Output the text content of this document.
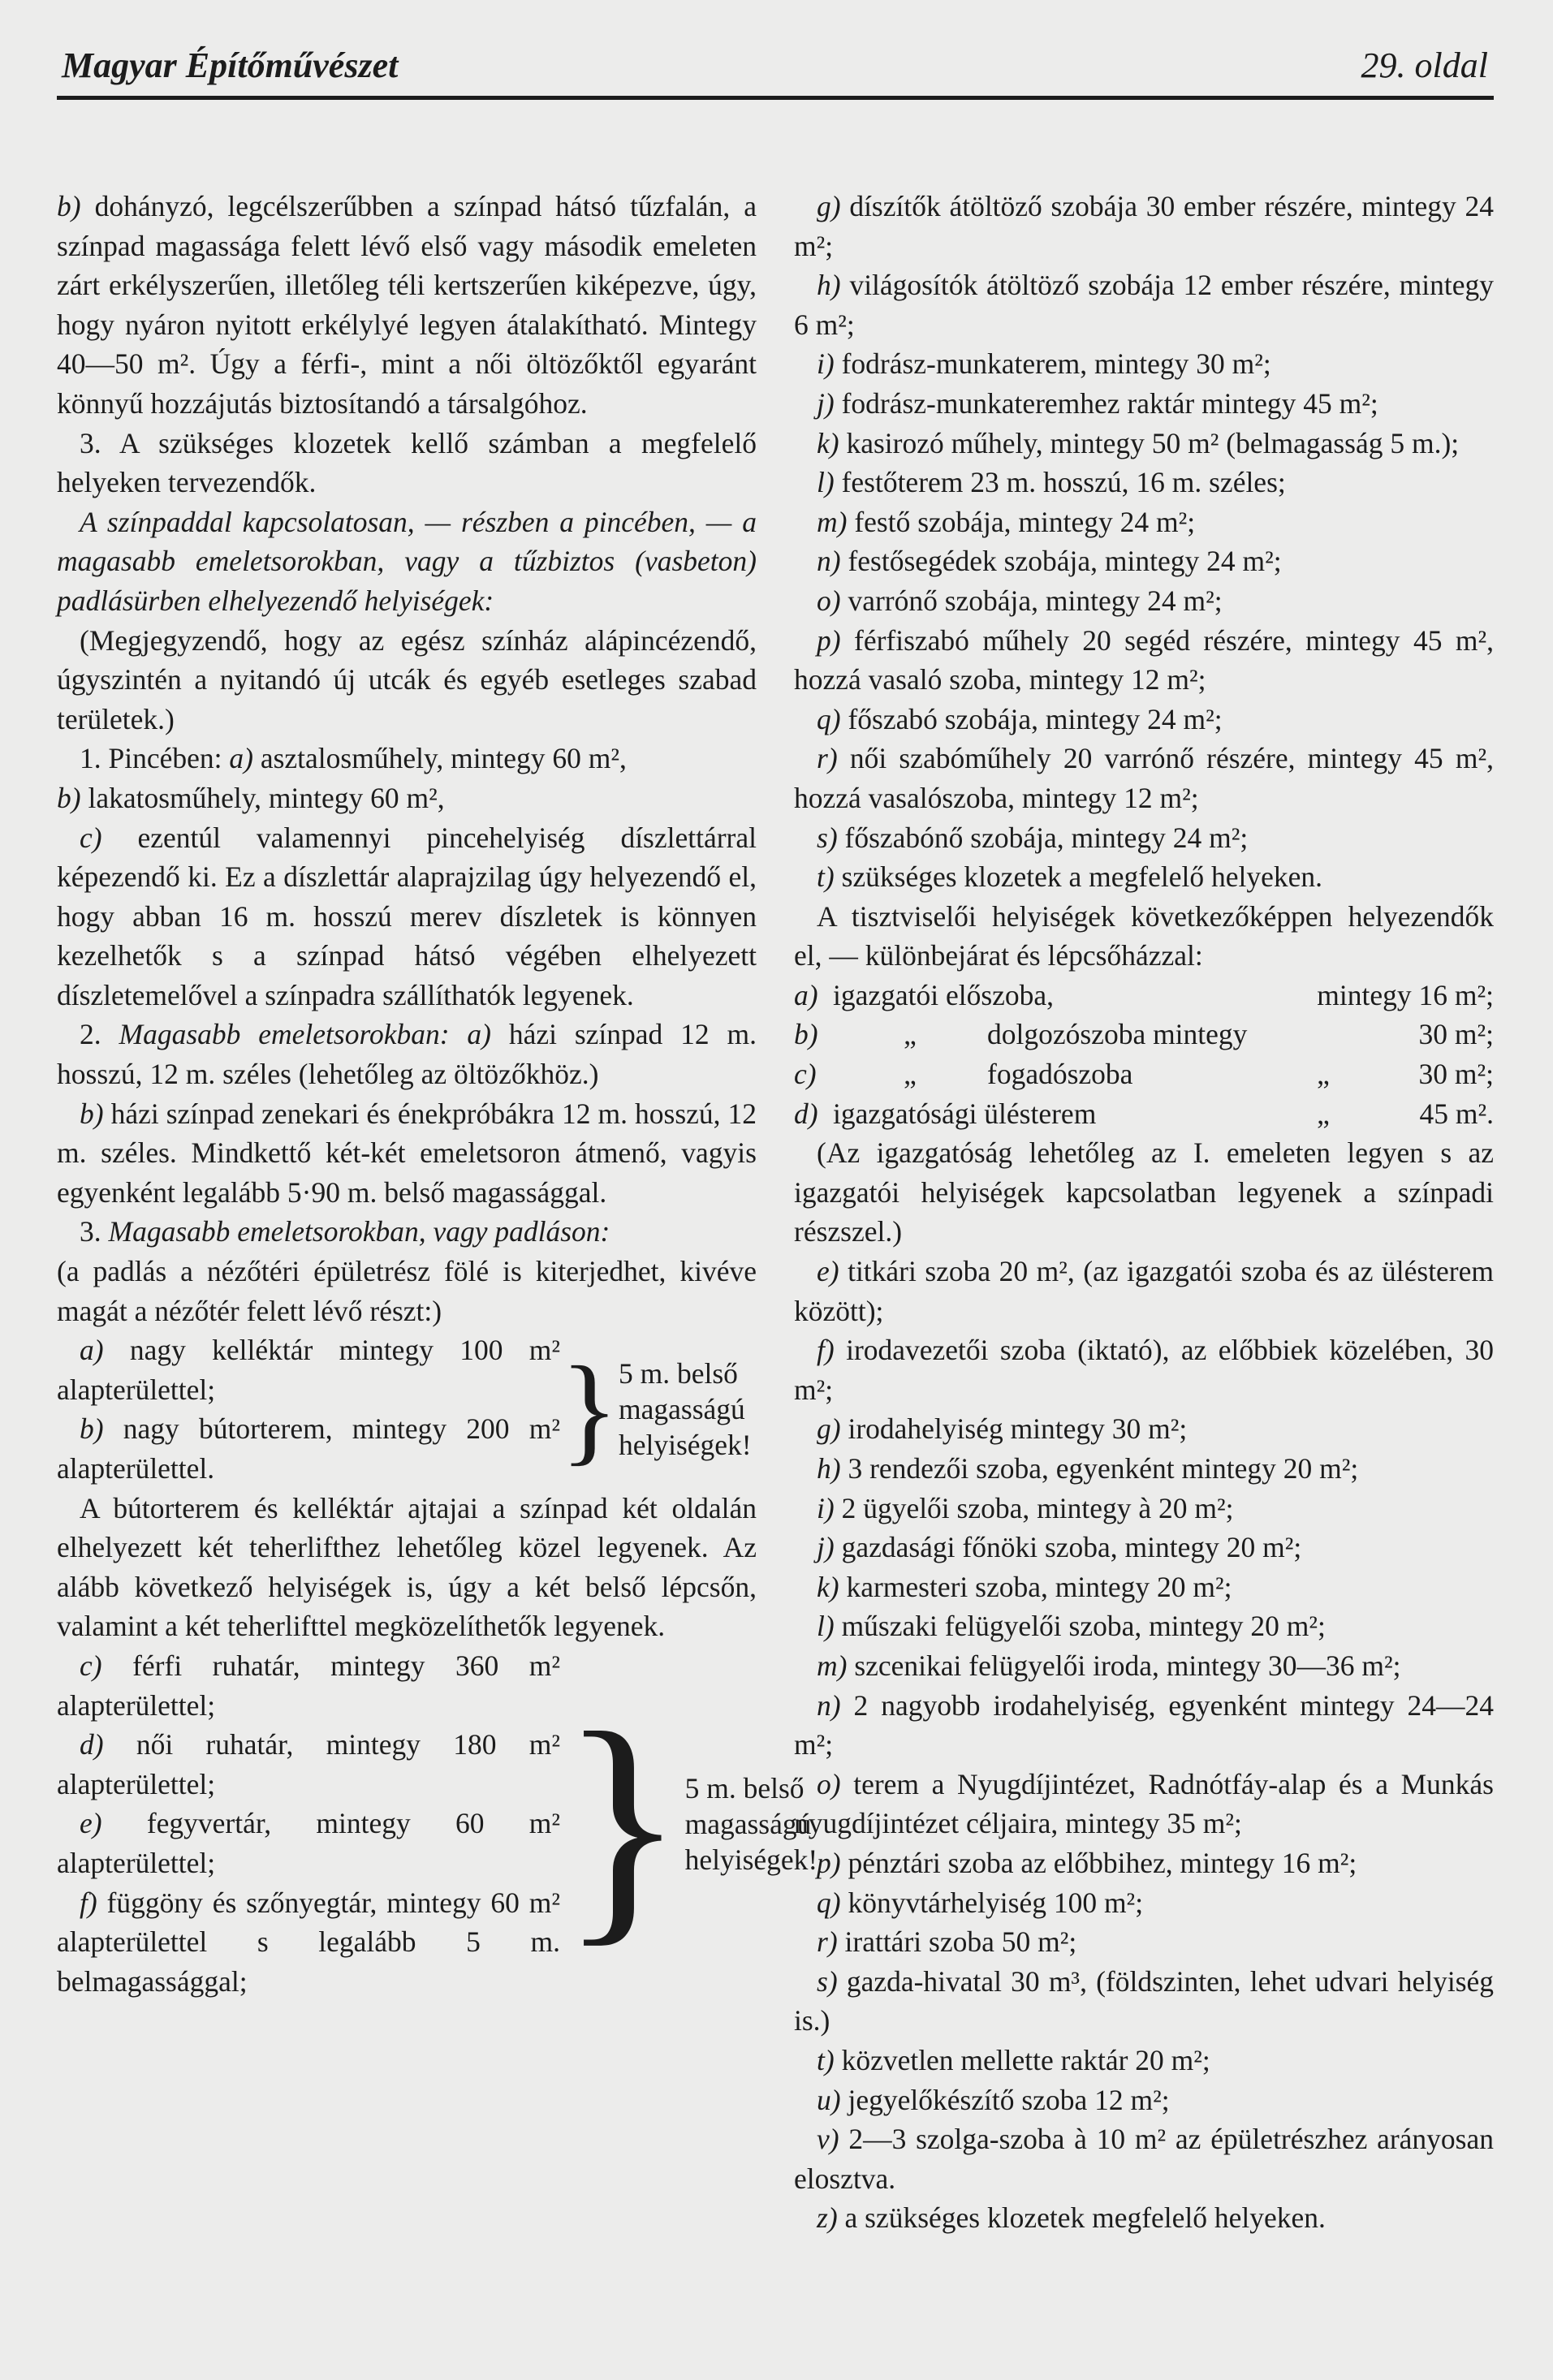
Magyar Építőművészet	29. oldal

b) dohányzó, legcélszerűbben a színpad hátsó tűzfalán, a színpad magassága felett lévő első vagy második emeleten zárt erkélyszerűen, illetőleg téli kertszerűen kiképezve, úgy, hogy nyáron nyitott erkélylyé legyen átalakítható. Mintegy 40—50 m². Úgy a férfi-, mint a női öltözőktől egyaránt könnyű hozzájutás biztosítandó a társalgóhoz.

3. A szükséges klozetek kellő számban a megfelelő helyeken tervezendők.

A színpaddal kapcsolatosan, — részben a pincében, — a magasabb emeletsorokban, vagy a tűzbiztos (vasbeton) padlásürben elhelyezendő helyiségek:

(Megjegyzendő, hogy az egész színház alápincézendő, úgyszintén a nyitandó új utcák és egyéb esetleges szabad területek.)

1. Pincében: a) asztalosműhely, mintegy 60 m²,

b) lakatosműhely, mintegy 60 m²,

c) ezentúl valamennyi pincehelyiség díszlettárral képezendő ki. Ez a díszlettár alaprajzilag úgy helyezendő el, hogy abban 16 m. hosszú merev díszletek is könnyen kezelhetők s a színpad hátsó végében elhelyezett díszletemelővel a színpadra szállíthatók legyenek.

2. Magasabb emeletsorokban: a) házi színpad 12 m. hosszú, 12 m. széles (lehetőleg az öltözőkhöz.)

b) házi színpad zenekari és énekpróbákra 12 m. hosszú, 12 m. széles. Mindkettő két-két emeletsoron átmenő, vagyis egyenként legalább 5·90 m. belső magassággal.

3. Magasabb emeletsorokban, vagy padláson:

(a padlás a nézőtéri épületrész fölé is kiterjedhet, kivéve magát a nézőtér felett lévő részt:)

a) nagy kelléktár mintegy 100 m² alapterülettel;

b) nagy bútorterem, mintegy 200 m² alapterülettel.	} 5 m. belső magasságú helyiségek!

A bútorterem és kelléktár ajtajai a színpad két oldalán elhelyezett két teherlifthez lehetőleg közel legyenek. Az alább következő helyiségek is, úgy a két belső lépcsőn, valamint a két teherlifttel megközelíthetők legyenek.

c) férfi ruhatár, mintegy 360 m² alapterülettel;

d) női ruhatár, mintegy 180 m² alapterülettel;

e) fegyvertár, mintegy 60 m² alapterülettel;

f) függöny és szőnyegtár, mintegy 60 m² alapterülettel s legalább 5 m. belmagassággal;

} 5 m. belső magasságú helyiségek!

g) díszítők átöltöző szobája 30 ember részére, mintegy 24 m²;

h) világosítók átöltöző szobája 12 ember részére, mintegy 6 m²;

i) fodrász-munkaterem, mintegy 30 m²;

j) fodrász-munkateremhez raktár mintegy 45 m²;

k) kasirozó műhely, mintegy 50 m² (belmagasság 5 m.);

l) festőterem 23 m. hosszú, 16 m. széles;

m) festő szobája, mintegy 24 m²;

n) festősegédek szobája, mintegy 24 m²;

o) varrónő szobája, mintegy 24 m²;

p) férfiszabó műhely 20 segéd részére, mintegy 45 m², hozzá vasaló szoba, mintegy 12 m²;

q) főszabó szobája, mintegy 24 m²;

r) női szabóműhely 20 varrónő részére, mintegy 45 m², hozzá vasalószoba, mintegy 12 m²;

s) főszabónő szobája, mintegy 24 m²;

t) szükséges klozetek a megfelelő helyeken.

A tisztviselői helyiségek következőképpen helyezendők el, — különbejárat és lépcsőházzal:

a) igazgatói előszoba,	mintegy 16 m²;
b)	„	dolgozószoba mintegy	30 m²;
c)	„	fogadószoba	„	30 m²;
d) igazgatósági ülésterem	„	45 m².

(Az igazgatóság lehetőleg az I. emeleten legyen s az igazgatói helyiségek kapcsolatban legyenek a színpadi részszel.)

e) titkári szoba 20 m², (az igazgatói szoba és az ülésterem között);

f) irodavezetői szoba (iktató), az előbbiek közelében, 30 m²;

g) irodahelyiség mintegy 30 m²;

h) 3 rendezői szoba, egyenként mintegy 20 m²;

i) 2 ügyelői szoba, mintegy à 20 m²;

j) gazdasági főnöki szoba, mintegy 20 m²;

k) karmesteri szoba, mintegy 20 m²;

l) műszaki felügyelői szoba, mintegy 20 m²;

m) szcenikai felügyelői iroda, mintegy 30—36 m²;

n) 2 nagyobb irodahelyiség, egyenként mintegy 24—24 m²;

o) terem a Nyugdíjintézet, Radnótfáy-alap és a Munkás nyugdíjintézet céljaira, mintegy 35 m²;

p) pénztári szoba az előbbihez, mintegy 16 m²;

q) könyvtárhelyiség 100 m²;

r) irattári szoba 50 m²;

s) gazda-hivatal 30 m³, (földszinten, lehet udvari helyiség is.)

t) közvetlen mellette raktár 20 m²;

u) jegyelőkészítő szoba 12 m²;

v) 2—3 szolga-szoba à 10 m² az épületrészhez arányosan elosztva.

z) a szükséges klozetek megfelelő helyeken.
